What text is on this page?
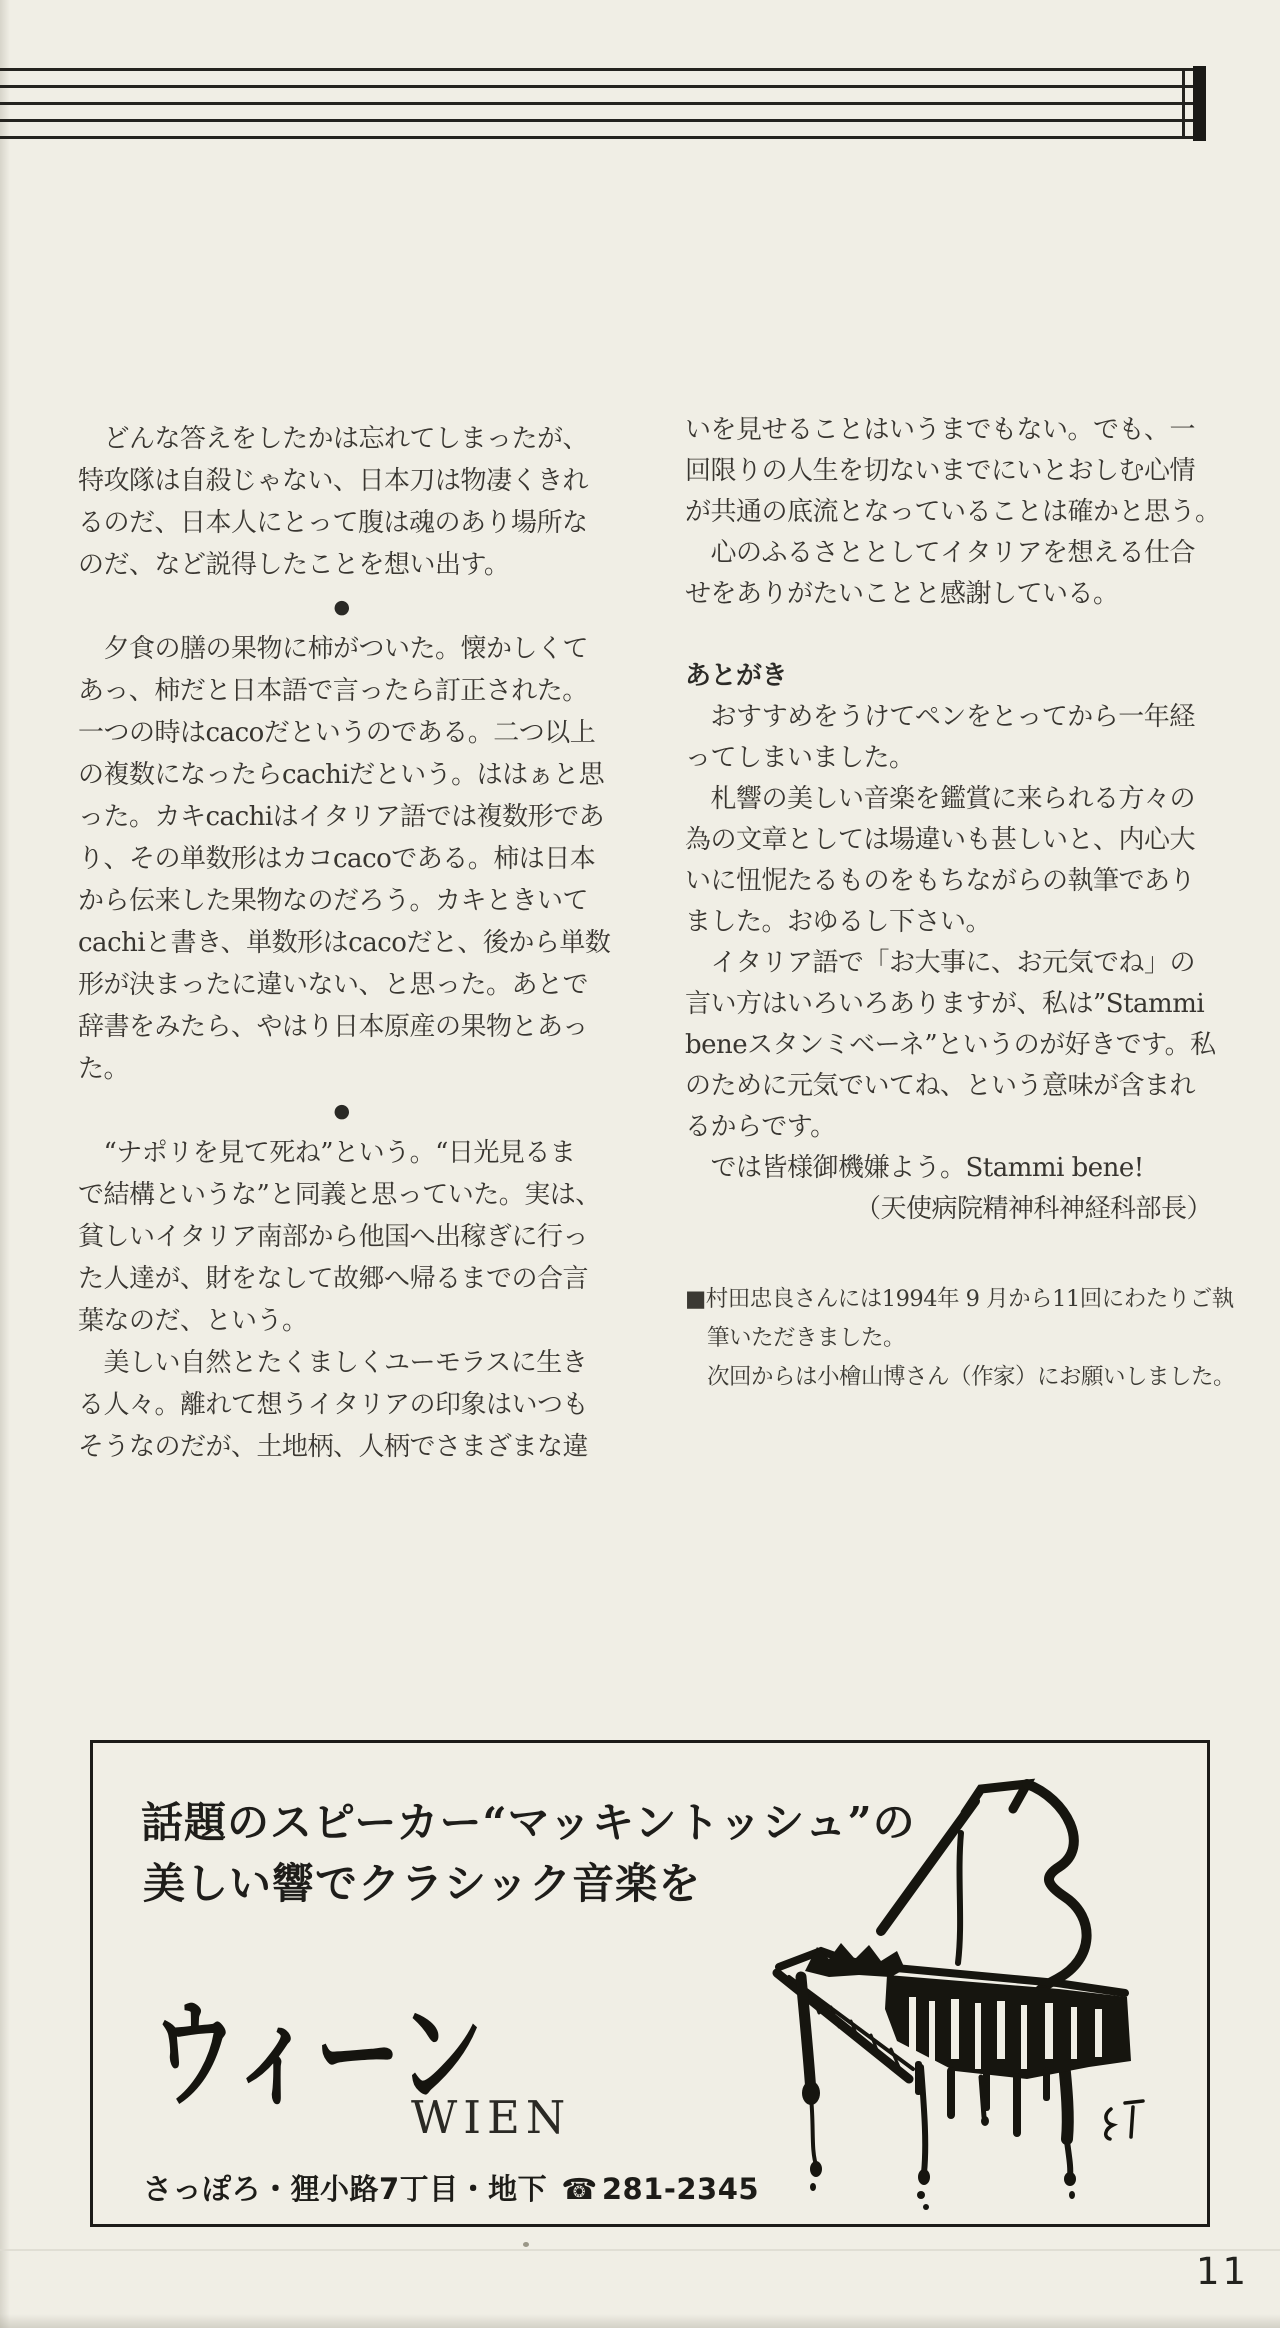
　どんな答えをしたかは忘れてしまったが、
特攻隊は自殺じゃない、日本刀は物凄くきれ
るのだ、日本人にとって腹は魂のあり場所な
のだ、など説得したことを想い出す。
●
　夕食の膳の果物に柿がついた。懐かしくて
あっ、柿だと日本語で言ったら訂正された。
一つの時はcacoだというのである。二つ以上
の複数になったらcachiだという。ははぁと思
った。カキcachiはイタリア語では複数形であ
り、その単数形はカコcacoである。柿は日本
から伝来した果物なのだろう。カキときいて
cachiと書き、単数形はcacoだと、後から単数
形が決まったに違いない、と思った。あとで
辞書をみたら、やはり日本原産の果物とあっ
た。
●
　“ナポリを見て死ね”という。“日光見るま
で結構というな”と同義と思っていた。実は、
貧しいイタリア南部から他国へ出稼ぎに行っ
た人達が、財をなして故郷へ帰るまでの合言
葉なのだ、という。
　美しい自然とたくましくユーモラスに生き
る人々。離れて想うイタリアの印象はいつも
そうなのだが、土地柄、人柄でさまざまな違
いを見せることはいうまでもない。でも、一
回限りの人生を切ないまでにいとおしむ心情
が共通の底流となっていることは確かと思う。
　心のふるさととしてイタリアを想える仕合
せをありがたいことと感謝している。
あとがき
　おすすめをうけてペンをとってから一年経
ってしまいました。
　札響の美しい音楽を鑑賞に来られる方々の
為の文章としては場違いも甚しいと、内心大
いに忸怩たるものをもちながらの執筆であり
ました。おゆるし下さい。
　イタリア語で「お大事に、お元気でね」の
言い方はいろいろありますが、私は”Stammi
beneスタンミベーネ”というのが好きです。私
のために元気でいてね、という意味が含まれ
るからです。
　では皆様御機嫌よう。Stammi bene!
（天使病院精神科神経科部長）
■村田忠良さんには1994年 9 月から11回にわたりご執
　筆いただきました。
　次回からは小檜山博さん（作家）にお願いしました。
話題のスピーカー“マッキントッシュ”の
美しい響でクラシック音楽を
ウィーン
WIEN
さっぽろ・狸小路7丁目・地下 ☎ 281-2345
11
